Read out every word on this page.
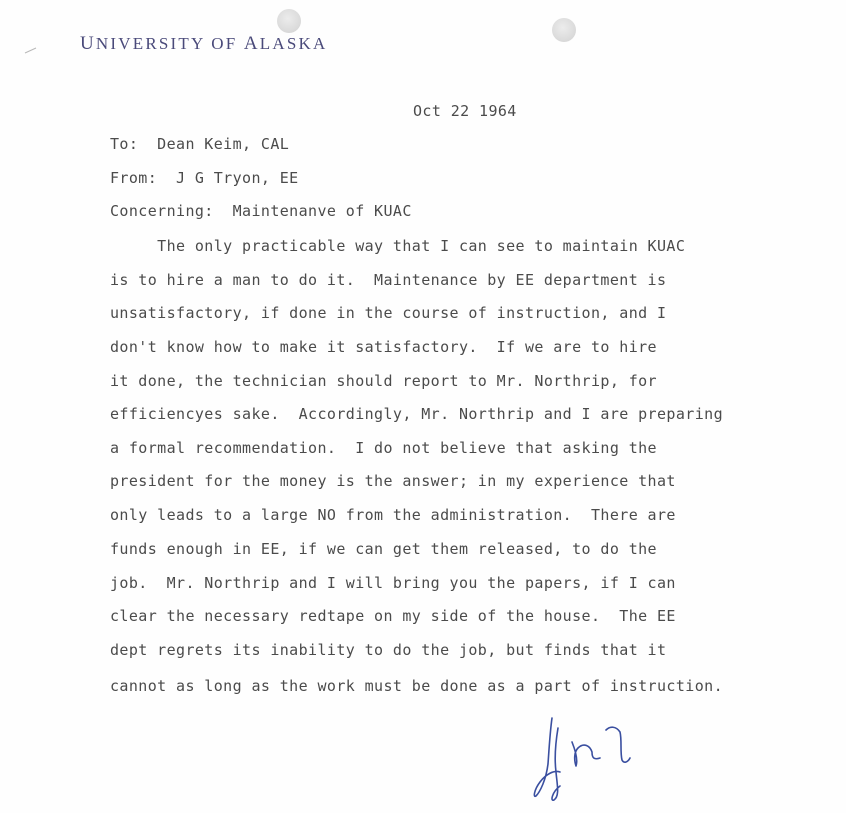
UNIVERSITY OF ALASKA
Oct 22 1964
To:  Dean Keim, CAL
From:  J G Tryon, EE
Concerning:  Maintenanve of KUAC
The only practicable way that I can see to maintain KUAC
is to hire a man to do it.  Maintenance by EE department is
unsatisfactory, if done in the course of instruction, and I
don't know how to make it satisfactory.  If we are to hire
it done, the technician should report to Mr. Northrip, for
efficiencyes sake.  Accordingly, Mr. Northrip and I are preparing
a formal recommendation.  I do not believe that asking the
president for the money is the answer; in my experience that
only leads to a large NO from the administration.  There are
funds enough in EE, if we can get them released, to do the
job.  Mr. Northrip and I will bring you the papers, if I can
clear the necessary redtape on my side of the house.  The EE
dept regrets its inability to do the job, but finds that it
cannot as long as the work must be done as a part of instruction.
